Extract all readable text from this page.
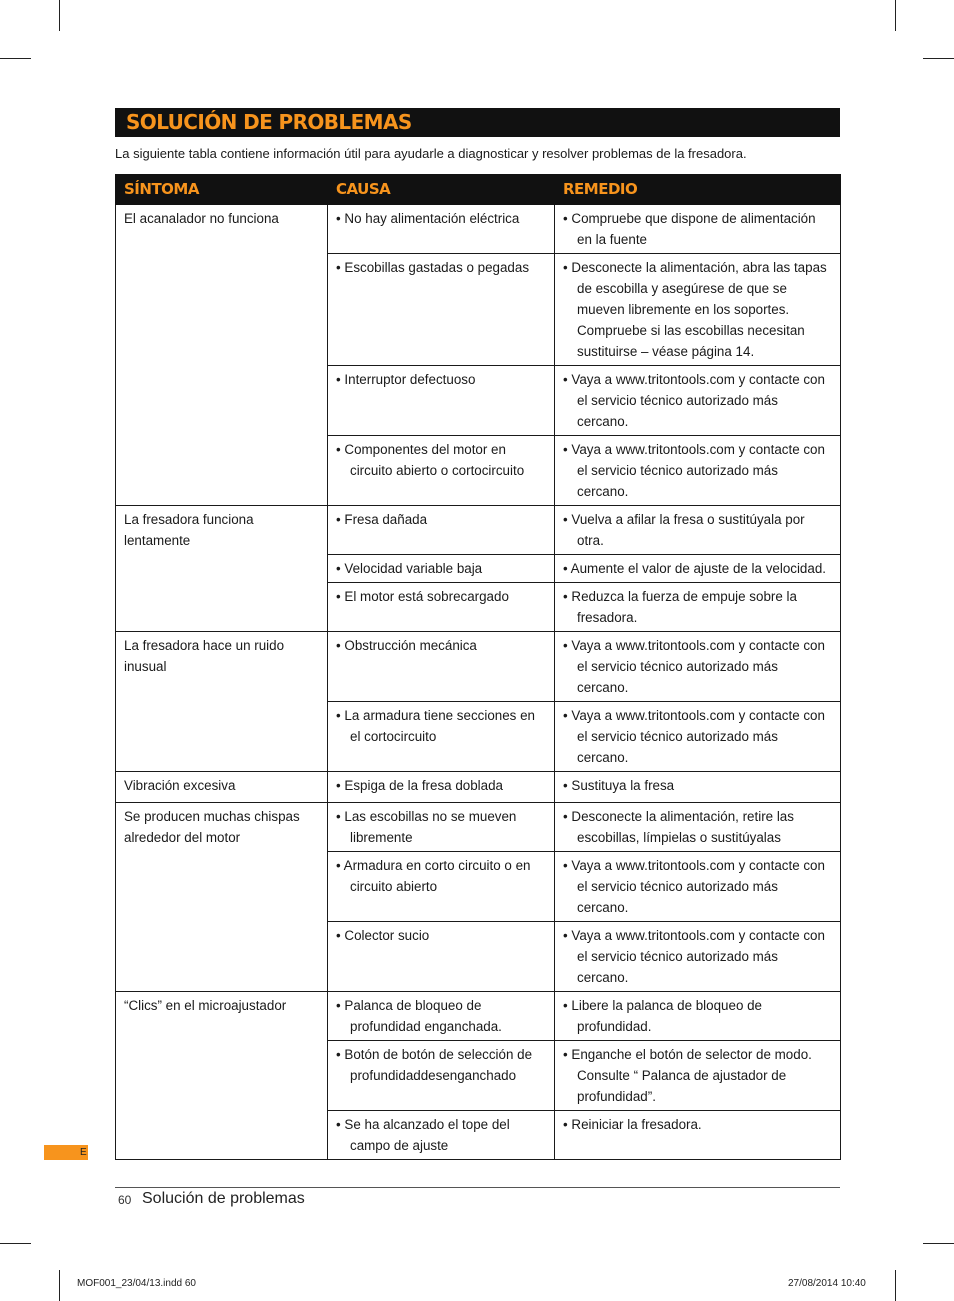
SOLUCIÓN DE PROBLEMAS
La siguiente tabla contiene información útil para ayudarle a diagnosticar y resolver problemas de la fresadora.
SÍNTOMA	CAUSA	REMEDIO
El acanalador no funciona	• No hay alimentación eléctrica	• Compruebe que dispone de alimentación en la fuente

	• Escobillas gastadas o pegadas	• Desconecte la alimentación, abra las tapas de escobilla y asegúrese de que se mueven libremente en los soportes. Compruebe si las escobillas necesitan sustituirse – véase página 14.

	• Interruptor defectuoso	• Vaya a www.tritontools.com y contacte con el servicio técnico autorizado más cercano.

	• Componentes del motor en circuito abierto o cortocircuito	• Vaya a www.tritontools.com y contacte con el servicio técnico autorizado más cercano.

La fresadora funciona lentamente	• Fresa dañada	• Vuelva a afilar la fresa o sustitúyala por otra.

	• Velocidad variable baja	• Aumente el valor de ajuste de la velocidad.

	• El motor está sobrecargado	• Reduzca la fuerza de empuje sobre la fresadora.

La fresadora hace un ruido inusual	• Obstrucción mecánica	• Vaya a www.tritontools.com y contacte con el servicio técnico autorizado más cercano.

	• La armadura tiene secciones en el cortocircuito	• Vaya a www.tritontools.com y contacte con el servicio técnico autorizado más cercano.

Vibración excesiva	• Espiga de la fresa doblada	• Sustituya la fresa

Se producen muchas chispas alrededor del motor	• Las escobillas no se mueven libremente	• Desconecte la alimentación, retire las escobillas, límpielas o sustitúyalas

	• Armadura en corto circuito o en circuito abierto	• Vaya a www.tritontools.com y contacte con el servicio técnico autorizado más cercano.

	• Colector sucio	• Vaya a www.tritontools.com y contacte con el servicio técnico autorizado más cercano.

“Clics” en el microajustador	• Palanca de bloqueo de profundidad enganchada.	• Libere la palanca de bloqueo de profundidad.

	• Botón de botón de selección de profundidaddesenganchado	• Enganche el botón de selector de modo. Consulte “ Palanca de ajustador de profundidad”.

	• Se ha alcanzado el tope del campo de ajuste	• Reiniciar la fresadora.
E
60 Solución de problemas
MOF001_23/04/13.indd 60	27/08/2014 10:40
